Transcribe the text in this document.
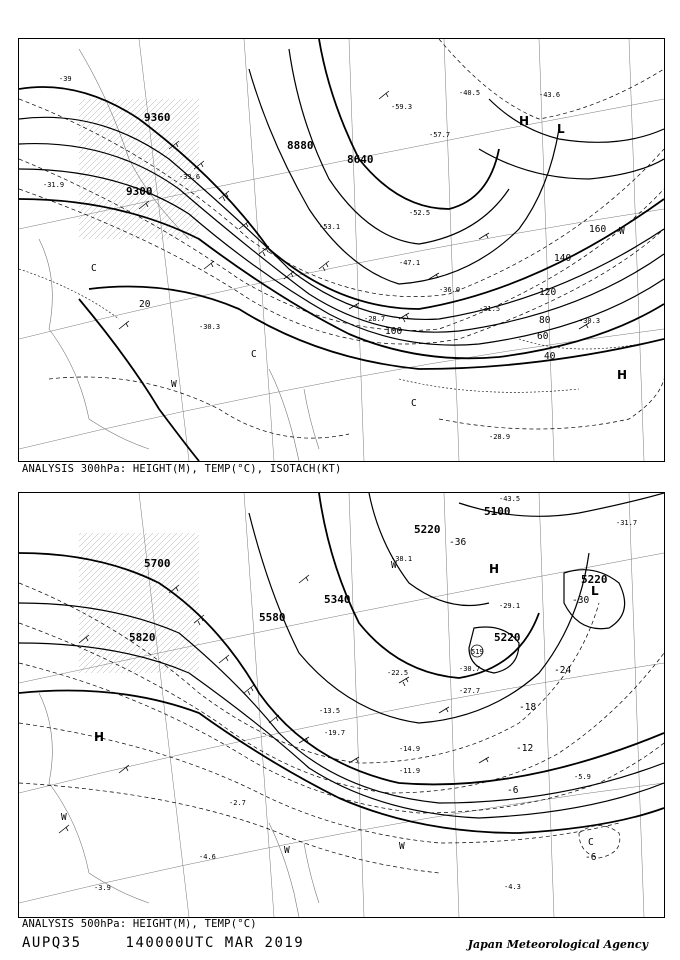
9360
9300
8880
8640
20
40
60
80
100
120
140
160
H
L
H
W
C
C
W
C
-39
-31.9
-30.3
-28.9
-33.6
-52.5
-57.7
-59.3
-43.6
-31.5
-28.7
-36.0
-47.1
-40.5
-53.1
-30.3
ANALYSIS 300hPa: HEIGHT(M), TEMP(°C), ISOTACH(KT)
5700
5820
5580
5340
5220
5100
5220
5220
-30
-24
-18
-12
-6
-6
-36
H
H
L
W
W	W	C
W
-4.3
-3.9
-11.9
-14.9
-22.5
-27.7
-38.1
-43.5
-31.7
-5.9
-2.7
-4.6
-13.5
-19.7
-30.7
-29.1
519
ANALYSIS 500hPa: HEIGHT(M), TEMP(°C)
AUPQ35	140000UTC MAR 2019	Japan Meteorological Agency
